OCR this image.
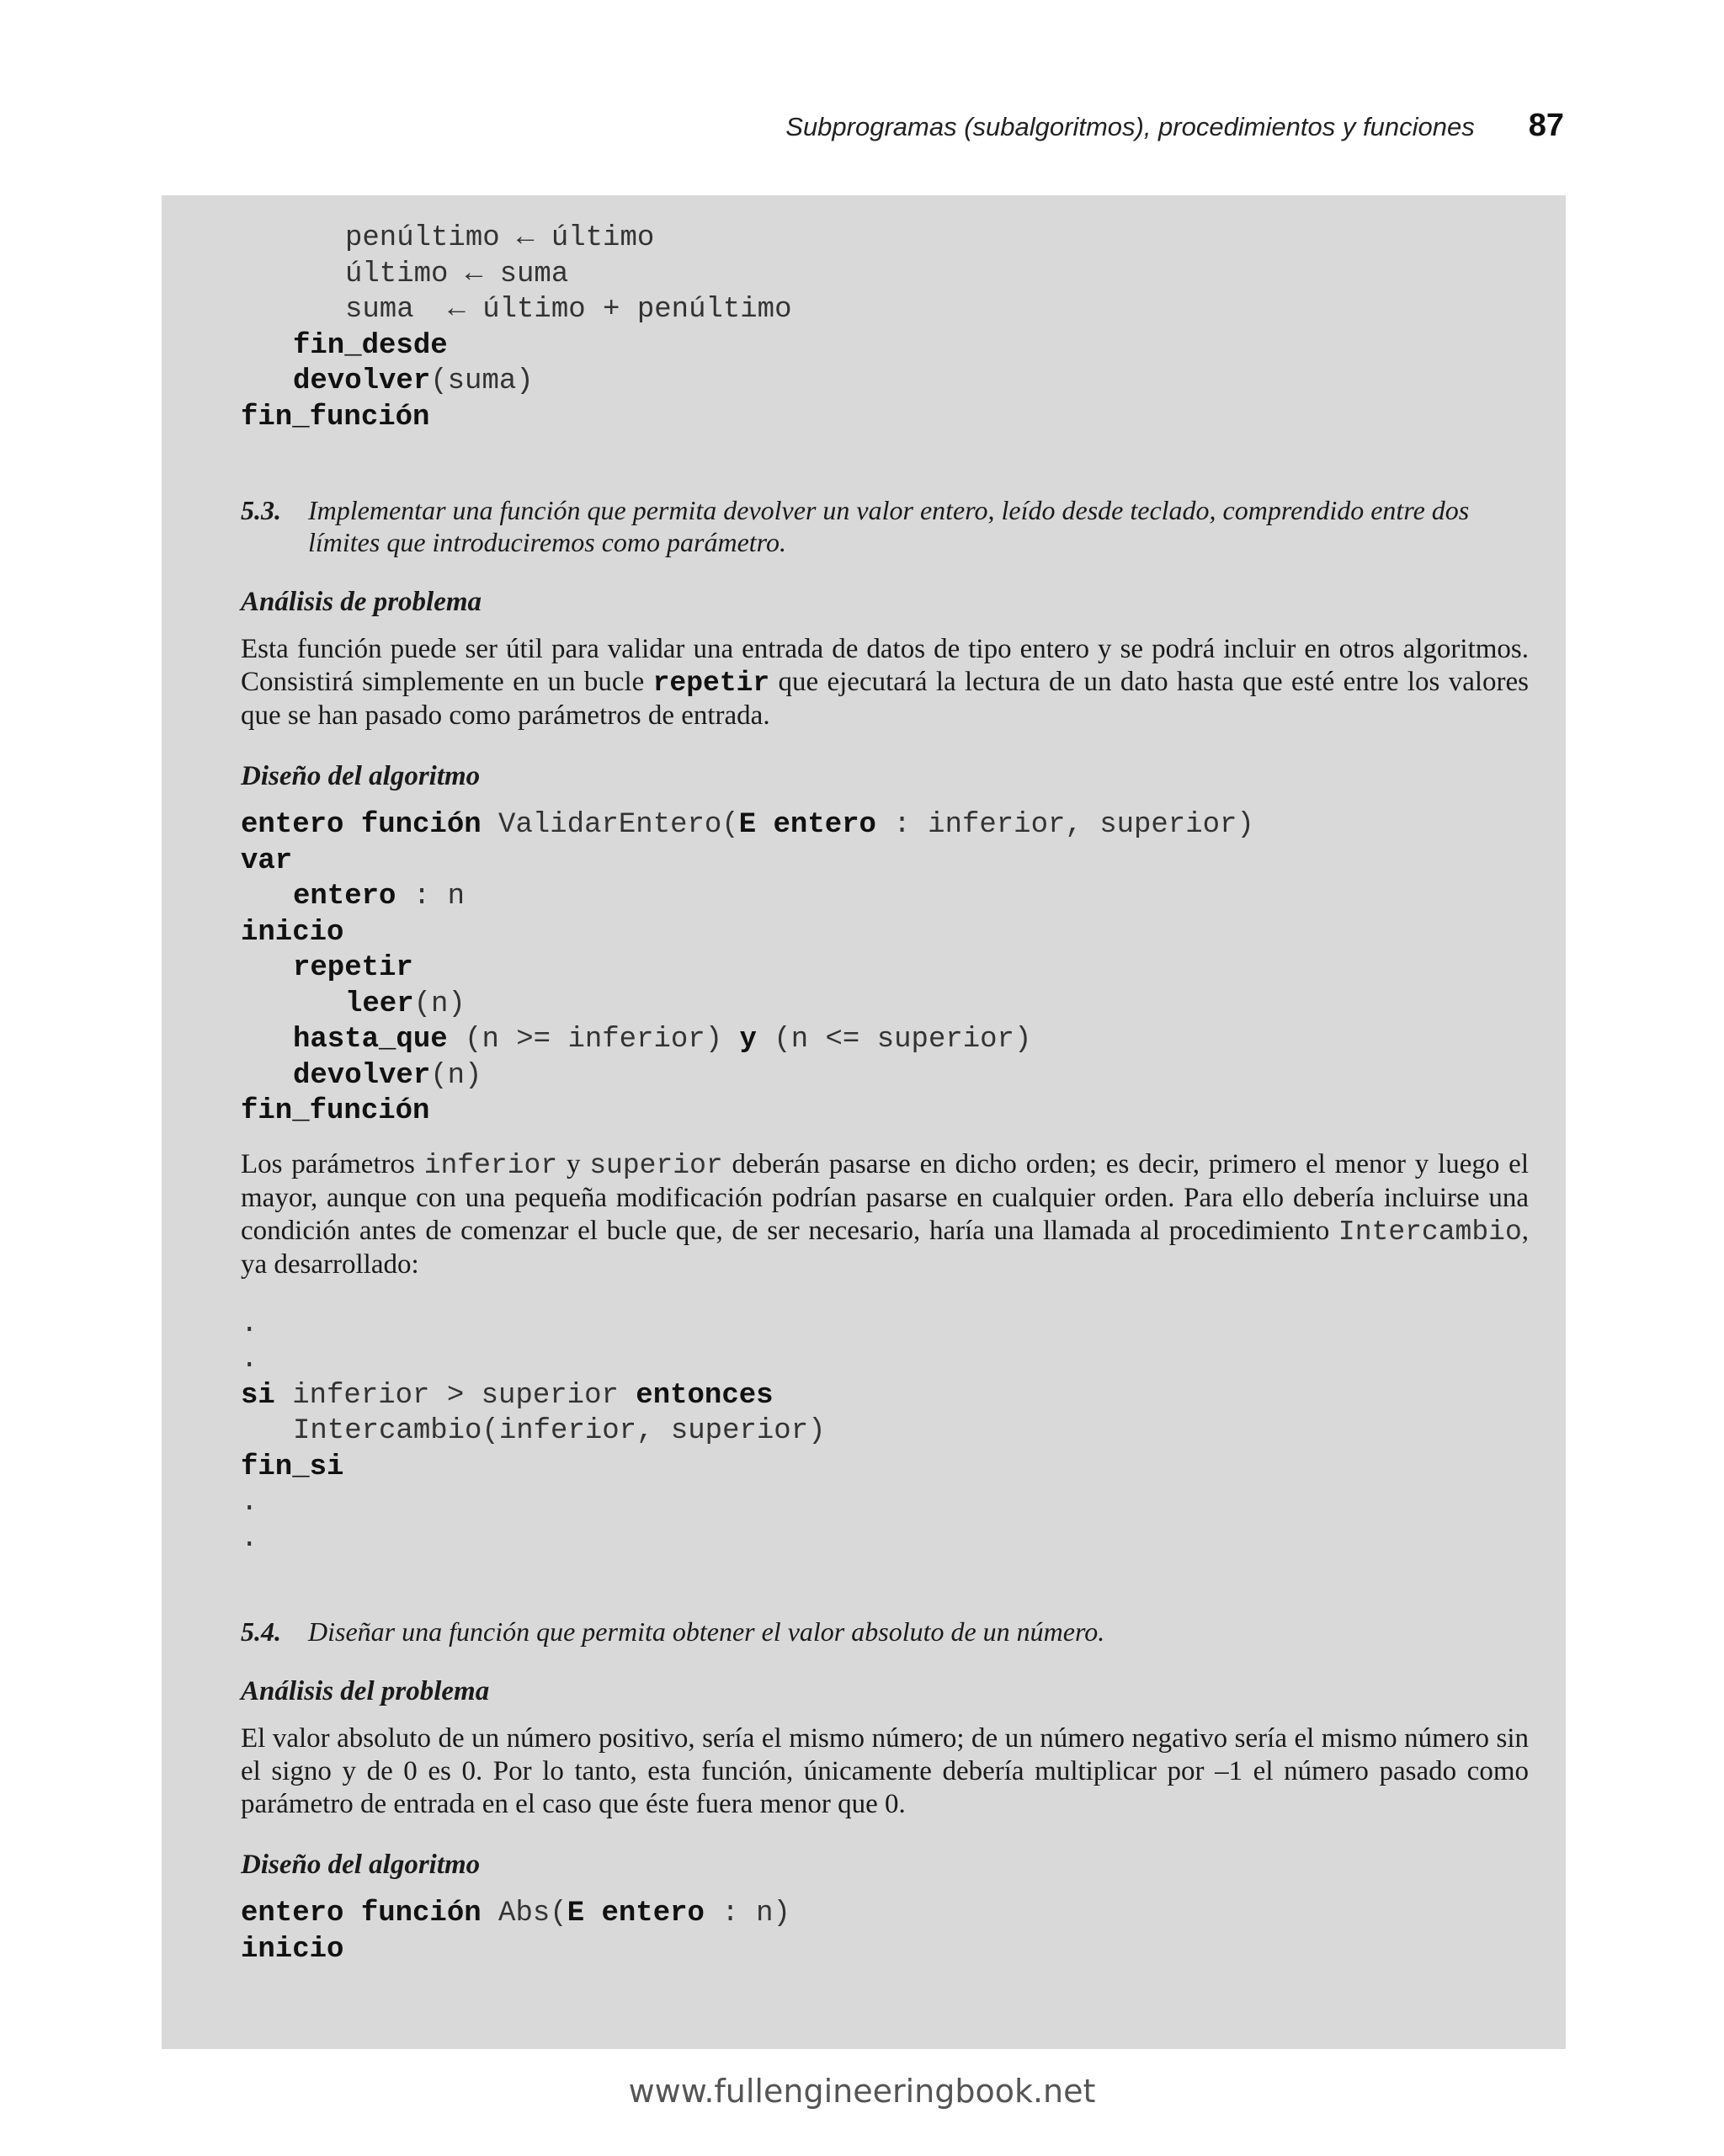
Subprogramas (subalgoritmos), procedimientos y funciones 87
penúltimo ← último
último ← suma
suma  ← último + penúltimo
fin_desde
devolver(suma)
fin_función
5.3.	Implementar una función que permita devolver un valor entero, leído desde teclado, comprendido entre dos límites que introduciremos como parámetro.
Análisis de problema
Esta función puede ser útil para validar una entrada de datos de tipo entero y se podrá incluir en otros algoritmos. Consistirá simplemente en un bucle repetir que ejecutará la lectura de un dato hasta que esté entre los valores que se han pasado como parámetros de entrada.
Diseño del algoritmo
entero función ValidarEntero(E entero : inferior, superior)
var
entero : n
inicio
repetir
leer(n)
hasta_que (n >= inferior) y (n <= superior)
devolver(n)
fin_función
Los parámetros inferior y superior deberán pasarse en dicho orden; es decir, primero el menor y luego el mayor, aunque con una pequeña modificación podrían pasarse en cualquier orden. Para ello debería incluirse una condición antes de comenzar el bucle que, de ser necesario, haría una llamada al procedimiento Intercambio, ya desarrollado:
.
.
si inferior > superior entonces
Intercambio(inferior, superior)
fin_si
.
.
5.4.	Diseñar una función que permita obtener el valor absoluto de un número.
Análisis del problema
El valor absoluto de un número positivo, sería el mismo número; de un número negativo sería el mismo número sin el signo y de 0 es 0. Por lo tanto, esta función, únicamente debería multiplicar por –1 el número pasado como parámetro de entrada en el caso que éste fuera menor que 0.
Diseño del algoritmo
entero función Abs(E entero : n)
inicio
www.fullengineeringbook.net
